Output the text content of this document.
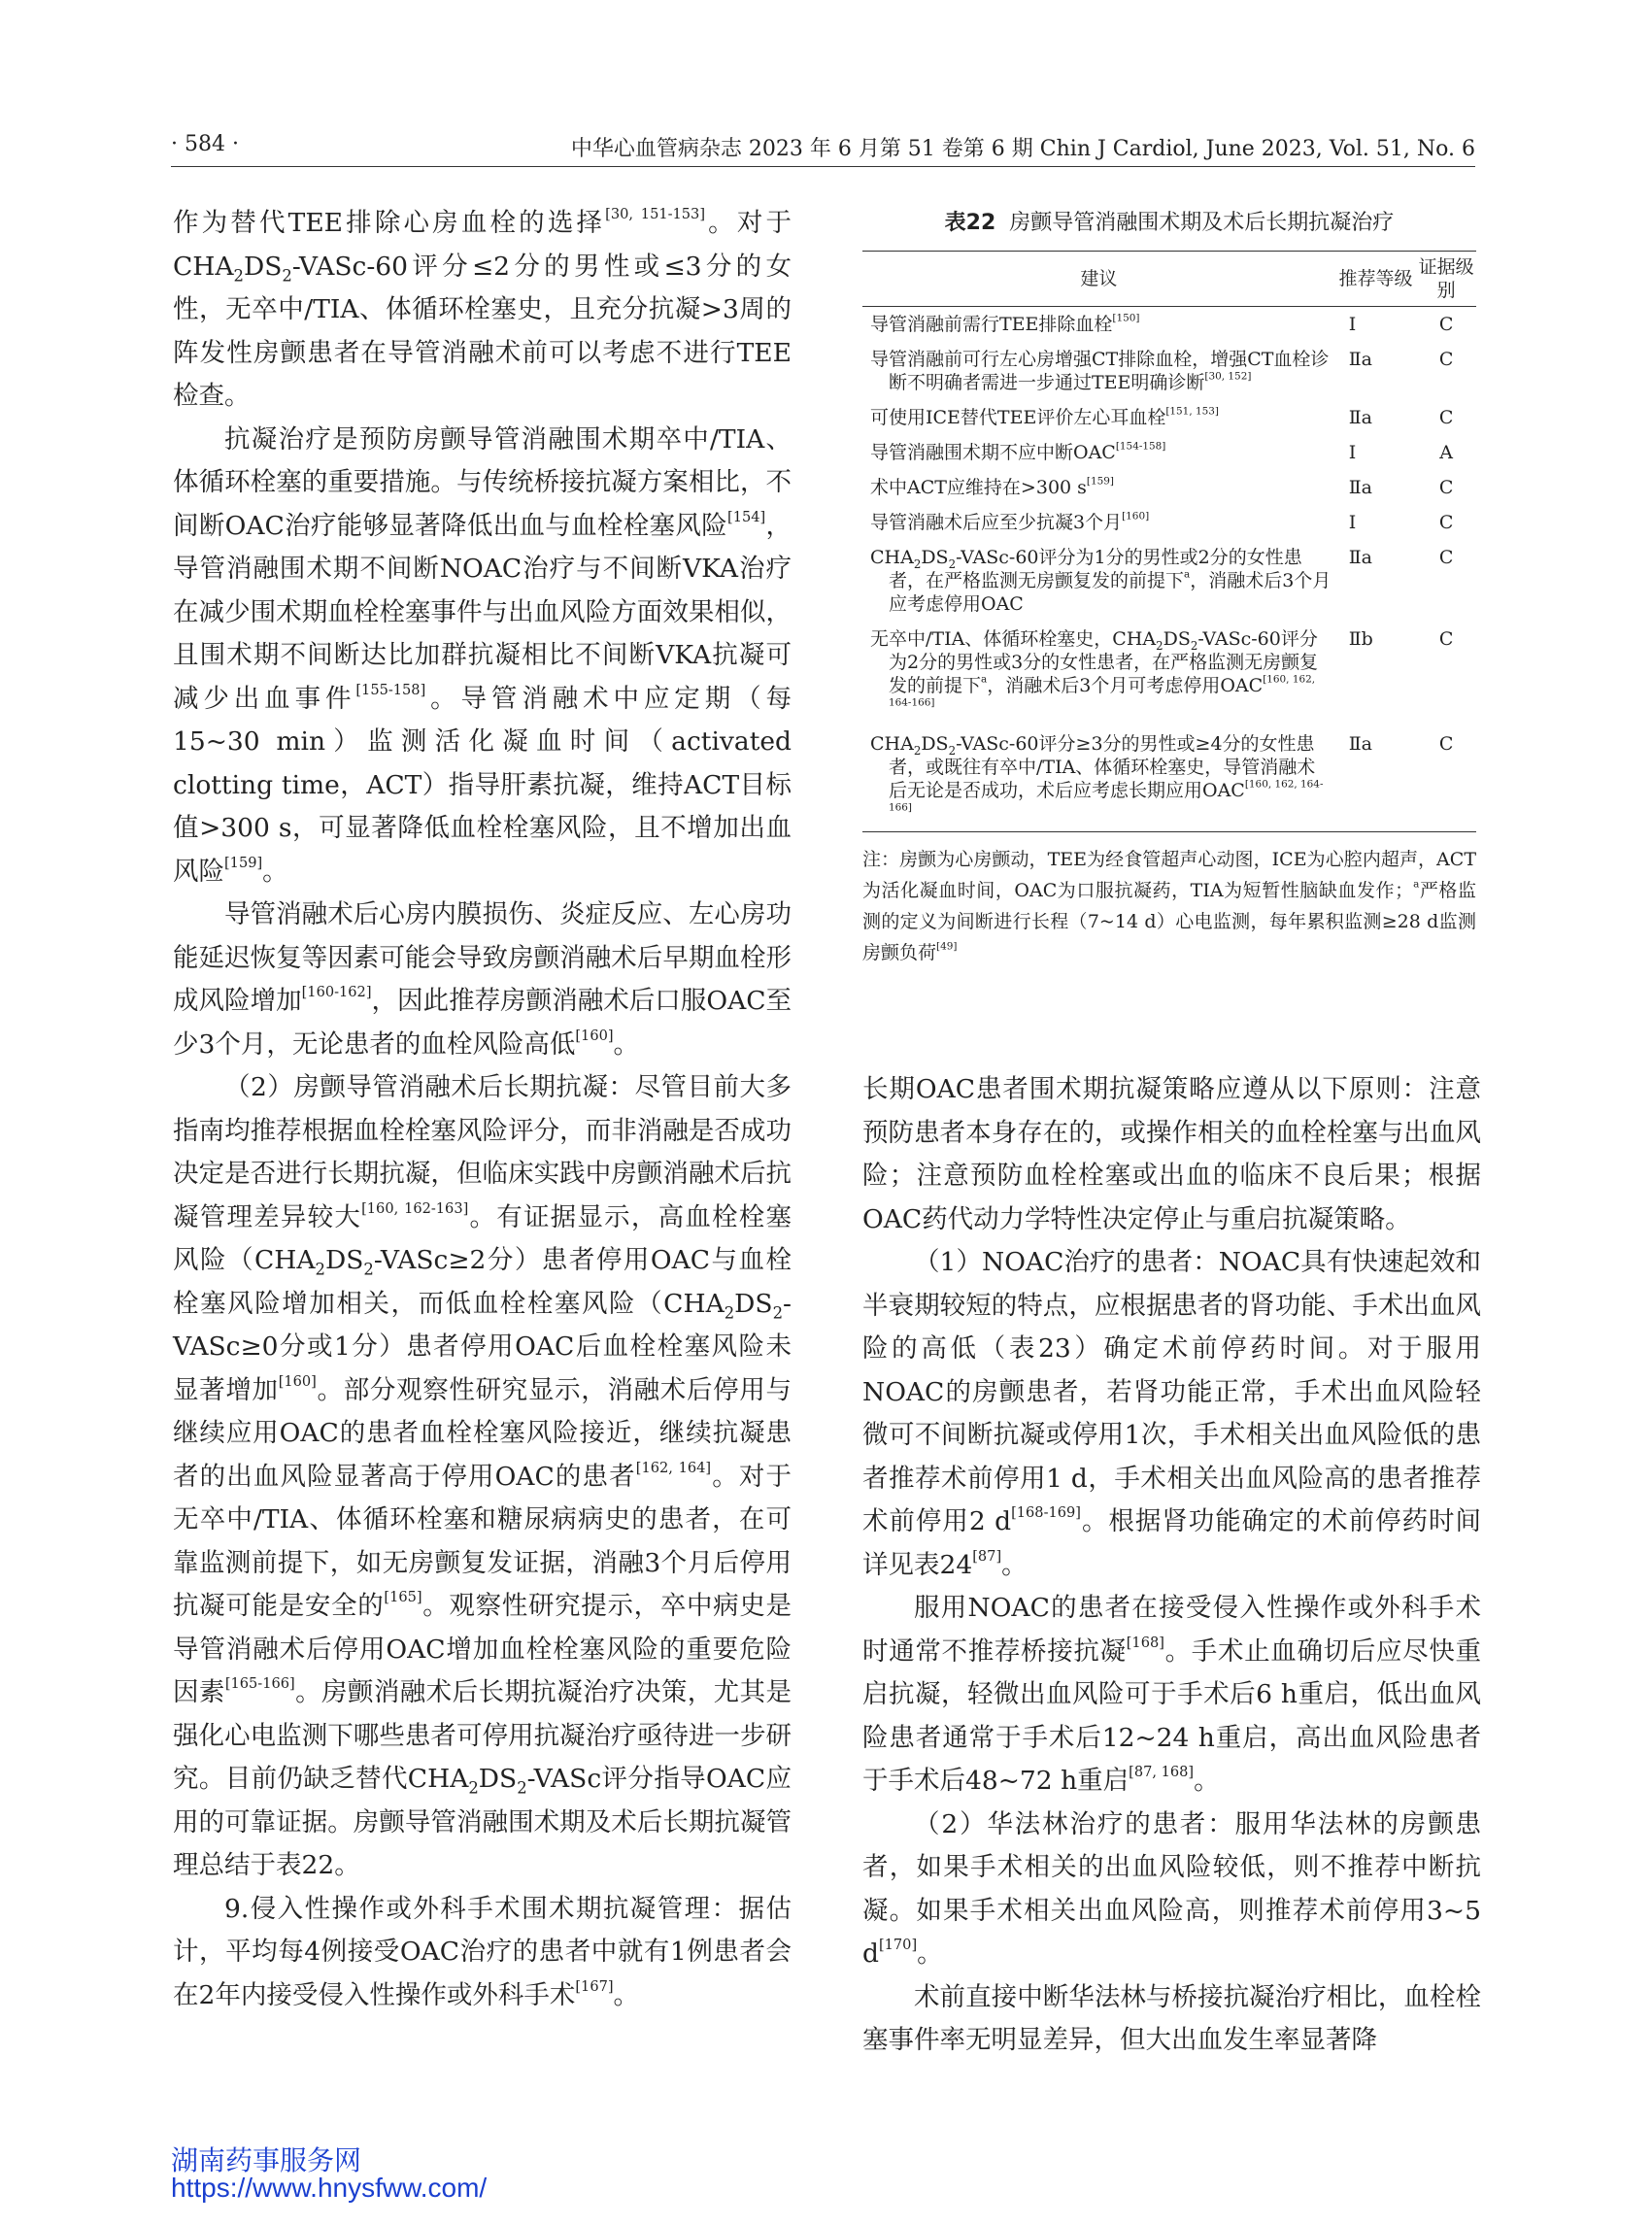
· 584 ·	中华心血管病杂志 2023 年 6 月第 51 卷第 6 期 Chin J Cardiol, June 2023, Vol. 51, No. 6

作为替代TEE排除心房血栓的选择[30, 151-153]。对于$CHA_2DS_2-VASc-60$评分≤2分的男性或≤3分的女性，无卒中/TIA、体循环栓塞史，且充分抗凝>3周的阵发性房颤患者在导管消融术前可以考虑不进行TEE检查。

抗凝治疗是预防房颤导管消融围术期卒中/TIA、体循环栓塞的重要措施。与传统桥接抗凝方案相比，不间断OAC治疗能够显著降低出血与血栓栓塞风险[154]，导管消融围术期不间断NOAC治疗与不间断VKA治疗在减少围术期血栓栓塞事件与出血风险方面效果相似，且围术期不间断达比加群抗凝相比不间断VKA抗凝可减少出血事件[155-158]。导管消融术中应定期（每15~30 min）监测活化凝血时间（activated clotting time，ACT）指导肝素抗凝，维持ACT目标值>300 s，可显著降低血栓栓塞风险，且不增加出血风险[159]。

导管消融术后心房内膜损伤、炎症反应、左心房功能延迟恢复等因素可能会导致房颤消融术后早期血栓形成风险增加[160-162]，因此推荐房颤消融术后口服OAC至少3个月，无论患者的血栓风险高低[160]。

（2）房颤导管消融术后长期抗凝：尽管目前大多指南均推荐根据血栓栓塞风险评分，而非消融是否成功决定是否进行长期抗凝，但临床实践中房颤消融术后抗凝管理差异较大[160, 162-163]。有证据显示，高血栓栓塞风险（$CHA_2DS_2-VASc\ge 2$分）患者停用OAC与血栓栓塞风险增加相关，而低血栓栓塞风险（$CHA_2DS_2-VASc\ge 0$分或1分）患者停用OAC后血栓栓塞风险未显著增加[160]。部分观察性研究显示，消融术后停用与继续应用OAC的患者血栓栓塞风险接近，继续抗凝患者的出血风险显著高于停用OAC的患者[162, 164]。对于无卒中/TIA、体循环栓塞和糖尿病病史的患者，在可靠监测前提下，如无房颤复发证据，消融3个月后停用抗凝可能是安全的[165]。观察性研究提示，卒中病史是导管消融术后停用OAC增加血栓栓塞风险的重要危险因素[165-166]。房颤消融术后长期抗凝治疗决策，尤其是强化心电监测下哪些患者可停用抗凝治疗亟待进一步研究。目前仍缺乏替代$CHA_2DS_2$-VASc评分指导OAC应用的可靠证据。房颤导管消融围术期及术后长期抗凝管理总结于表22。

9.侵入性操作或外科手术围术期抗凝管理：据估计，平均每4例接受OAC治疗的患者中就有1例患者会在2年内接受侵入性操作或外科手术[167]。

表22 房颤导管消融围术期及术后长期抗凝治疗
建议	推荐等级	证据级别

导管消融前需行TEE排除血栓[150]	Ⅰ	C

导管消融前可行左心房增强CT排除血栓，增强CT血栓诊断不明确者需进一步通过TEE明确诊断[30, 152]	Ⅱa	C

可使用ICE替代TEE评价左心耳血栓[151, 153]	Ⅱa	C

导管消融围术期不应中断OAC[154-158]	Ⅰ	A

术中ACT应维持在>300 s[159]	Ⅱa	C

导管消融术后应至少抗凝3个月[160]	Ⅰ	C

$CHA_2DS_2-VASc-60$评分为1分的男性或2分的女性患者，在严格监测无房颤复发的前提下$^a$，消融术后3个月应考虑停用OAC	Ⅱa	C

无卒中/TIA、体循环栓塞史，$CHA_2DS_2-VASc-60$评分为2分的男性或3分的女性患者，在严格监测无房颤复发的前提下$^a$，消融术后3个月可考虑停用OAC[160, 162, 164-166]	Ⅱb	C

$CHA_2DS_2-VASc-60$评分≥3分的男性或≥4分的女性患者，或既往有卒中/TIA、体循环栓塞史，导管消融术后无论是否成功，术后应考虑长期应用OAC[160, 162, 164-166]	Ⅱa	C
注：房颤为心房颤动，TEE为经食管超声心动图，ICE为心腔内超声，ACT为活化凝血时间，OAC为口服抗凝药，TIA为短暂性脑缺血发作；$^a$严格监测的定义为间断进行长程（7~14 d）心电监测，每年累积监测≥28 d监测房颤负荷[49]

长期OAC患者围术期抗凝策略应遵从以下原则：注意预防患者本身存在的，或操作相关的血栓栓塞与出血风险；注意预防血栓栓塞或出血的临床不良后果；根据OAC药代动力学特性决定停止与重启抗凝策略。

（1）NOAC治疗的患者：NOAC具有快速起效和半衰期较短的特点，应根据患者的肾功能、手术出血风险的高低（表23）确定术前停药时间。对于服用NOAC的房颤患者，若肾功能正常，手术出血风险轻微可不间断抗凝或停用1次，手术相关出血风险低的患者推荐术前停用1 d，手术相关出血风险高的患者推荐术前停用2 d[168-169]。根据肾功能确定的术前停药时间详见表24[87]。

服用NOAC的患者在接受侵入性操作或外科手术时通常不推荐桥接抗凝[168]。手术止血确切后应尽快重启抗凝，轻微出血风险可于手术后6 h重启，低出血风险患者通常于手术后12~24 h重启，高出血风险患者于手术后48~72 h重启[87, 168]。

（2）华法林治疗的患者：服用华法林的房颤患者，如果手术相关的出血风险较低，则不推荐中断抗凝。如果手术相关出血风险高，则推荐术前停用3~5 d[170]。

术前直接中断华法林与桥接抗凝治疗相比，血栓栓塞事件率无明显差异，但大出血发生率显著降

湖南药事服务网
https://www.hnysfww.com/
